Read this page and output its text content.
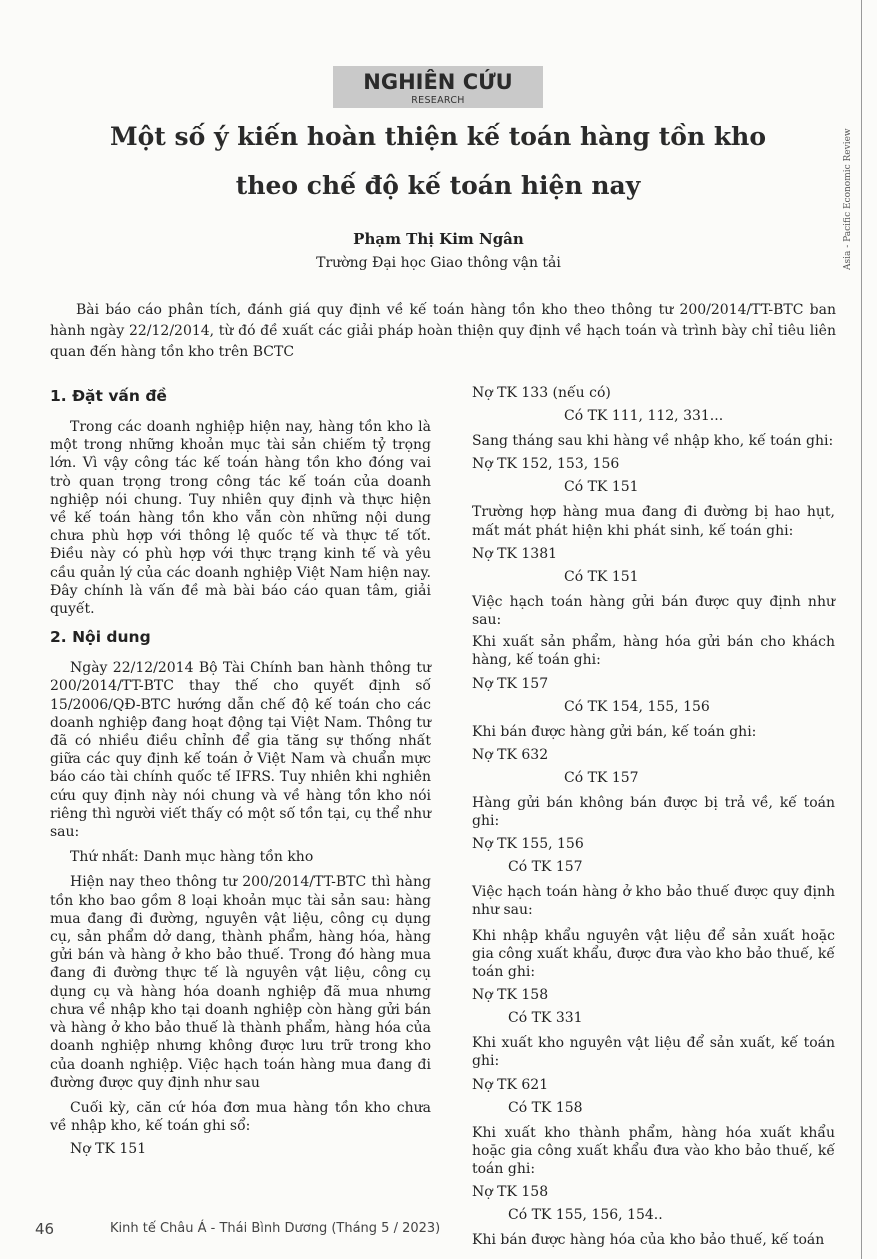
NGHIÊN CỨU
RESEARCH
Asia - Pacific Economic Review
Một số ý kiến hoàn thiện kế toán hàng tồn kho
theo chế độ kế toán hiện nay
Phạm Thị Kim Ngân
Trường Đại học Giao thông vận tải

Bài báo cáo phân tích, đánh giá quy định về kế toán hàng tồn kho theo thông tư 200/2014/TT-BTC ban hành ngày 22/12/2014, từ đó đề xuất các giải pháp hoàn thiện quy định về hạch toán và trình bày chỉ tiêu liên quan đến hàng tồn kho trên BCTC

1. Đặt vấn đề

Trong các doanh nghiệp hiện nay, hàng tồn kho là một trong những khoản mục tài sản chiếm tỷ trọng lớn. Vì vậy công tác kế toán hàng tồn kho đóng vai trò quan trọng trong công tác kế toán của doanh nghiệp nói chung. Tuy nhiên quy định và thực hiện về kế toán hàng tồn kho vẫn còn những nội dung chưa phù hợp với thông lệ quốc tế và thực tế tốt. Điều này có phù hợp với thực trạng kinh tế và yêu cầu quản lý của các doanh nghiệp Việt Nam hiện nay. Đây chính là vấn đề mà bài báo cáo quan tâm, giải quyết.

2. Nội dung

Ngày 22/12/2014 Bộ Tài Chính ban hành thông tư 200/2014/TT-BTC thay thế cho quyết định số 15/2006/QĐ-BTC hướng dẫn chế độ kế toán cho các doanh nghiệp đang hoạt động tại Việt Nam. Thông tư đã có nhiều điều chỉnh để gia tăng sự thống nhất giữa các quy định kế toán ở Việt Nam và chuẩn mực báo cáo tài chính quốc tế IFRS. Tuy nhiên khi nghiên cứu quy định này nói chung và về hàng tồn kho nói riêng thì người viết thấy có một số tồn tại, cụ thể như sau:

Thứ nhất: Danh mục hàng tồn kho

Hiện nay theo thông tư 200/2014/TT-BTC thì hàng tồn kho bao gồm 8 loại khoản mục tài sản sau: hàng mua đang đi đường, nguyên vật liệu, công cụ dụng cụ, sản phẩm dở dang, thành phẩm, hàng hóa, hàng gửi bán và hàng ở kho bảo thuế. Trong đó hàng mua đang đi đường thực tế là nguyên vật liệu, công cụ dụng cụ và hàng hóa doanh nghiệp đã mua nhưng chưa về nhập kho tại doanh nghiệp còn hàng gửi bán và hàng ở kho bảo thuế là thành phẩm, hàng hóa của doanh nghiệp nhưng không được lưu trữ trong kho của doanh nghiệp. Việc hạch toán hàng mua đang đi đường được quy định như sau

Cuối kỳ, căn cứ hóa đơn mua hàng tồn kho chưa về nhập kho, kế toán ghi sổ:

Nợ TK 151

Nợ TK 133 (nếu có)

Có TK 111, 112, 331...

Sang tháng sau khi hàng về nhập kho, kế toán ghi:

Nợ TK 152, 153, 156

Có TK 151

Trường hợp hàng mua đang đi đường bị hao hụt, mất mát phát hiện khi phát sinh, kế toán ghi:

Nợ TK 1381

Có TK 151

Việc hạch toán hàng gửi bán được quy định như sau:

Khi xuất sản phẩm, hàng hóa gửi bán cho khách hàng, kế toán ghi:

Nợ TK 157

Có TK 154, 155, 156

Khi bán được hàng gửi bán, kế toán ghi:

Nợ TK 632

Có TK 157

Hàng gửi bán không bán được bị trả về, kế toán ghi:

Nợ TK 155, 156

Có TK 157

Việc hạch toán hàng ở kho bảo thuế được quy định như sau:

Khi nhập khẩu nguyên vật liệu để sản xuất hoặc gia công xuất khẩu, được đưa vào kho bảo thuế, kế toán ghi:

Nợ TK 158

Có TK 331

Khi xuất kho nguyên vật liệu để sản xuất, kế toán ghi:

Nợ TK 621

Có TK 158

Khi xuất kho thành phẩm, hàng hóa xuất khẩu hoặc gia công xuất khẩu đưa vào kho bảo thuế, kế toán ghi:

Nợ TK 158

Có TK 155, 156, 154..

Khi bán được hàng hóa của kho bảo thuế, kế toán

46	Kinh tế Châu Á - Thái Bình Dương (Tháng 5 / 2023)
